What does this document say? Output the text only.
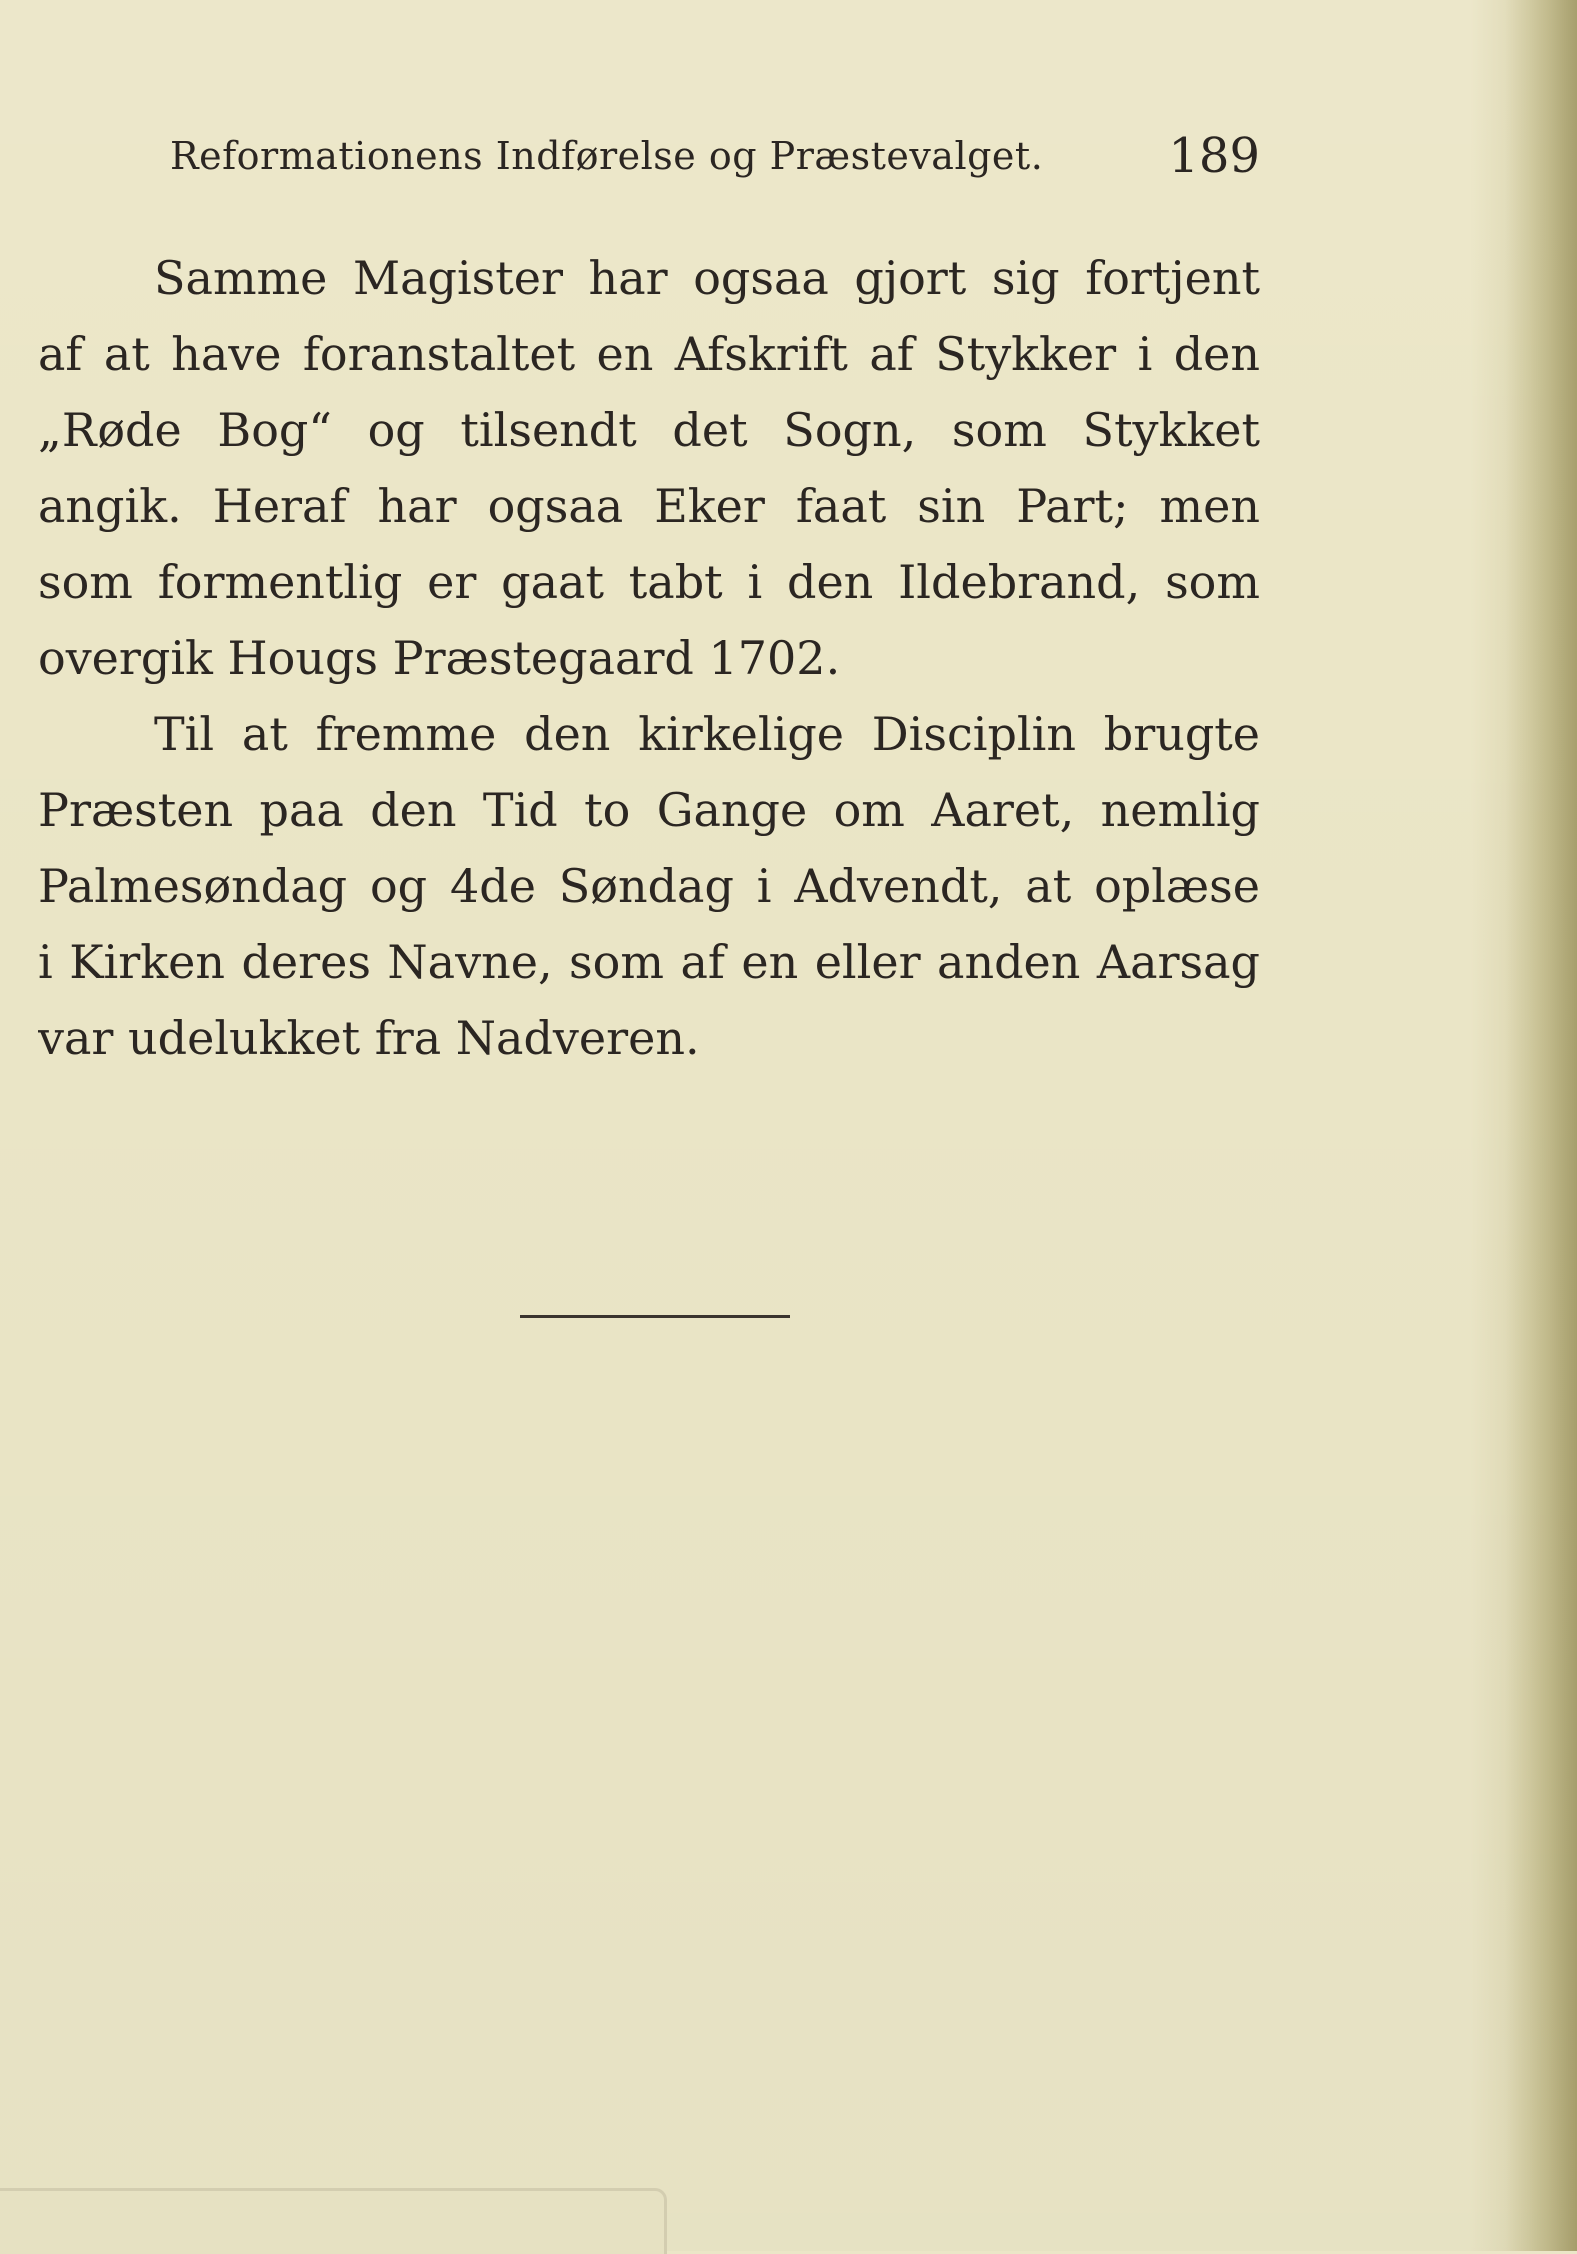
Reformationens Indførelse og Præstevalget.	189
Samme Magister har ogsaa gjort sig fortjent
af at have foranstaltet en Afskrift af Stykker i den
„Røde Bog“ og tilsendt det Sogn, som Stykket
angik. Heraf har ogsaa Eker faat sin Part; men
som formentlig er gaat tabt i den Ildebrand, som
overgik Hougs Præstegaard 1702.
Til at fremme den kirkelige Disciplin brugte
Præsten paa den Tid to Gange om Aaret, nemlig
Palmesøndag og 4de Søndag i Advendt, at oplæse
i Kirken deres Navne, som af en eller anden Aarsag
var udelukket fra Nadveren.
